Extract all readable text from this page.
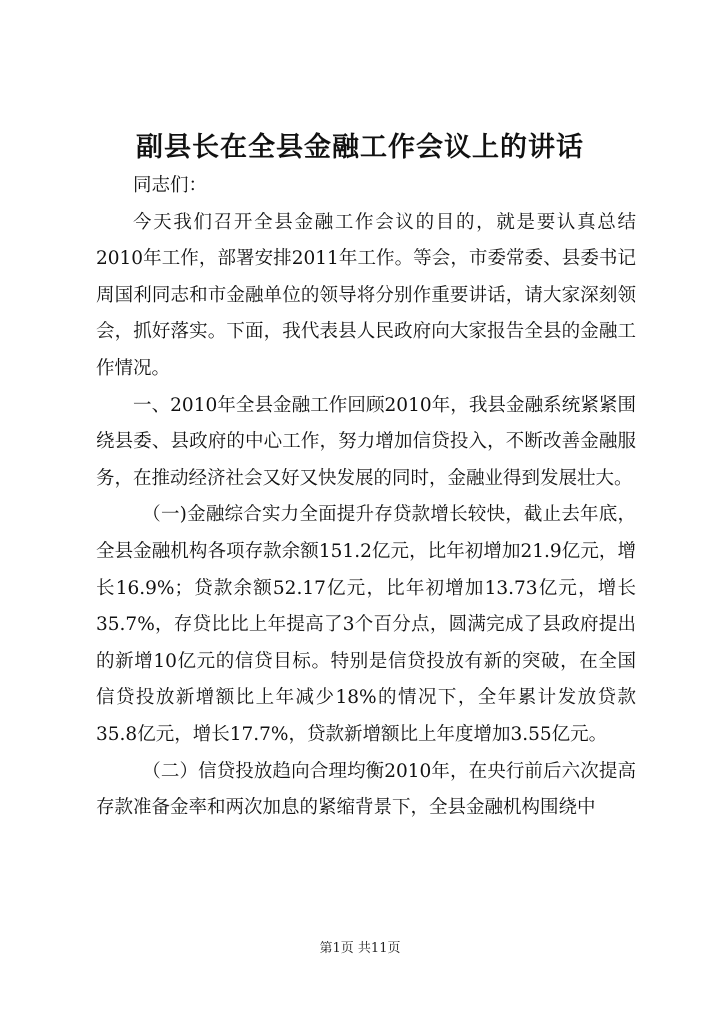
副县长在全县金融工作会议上的讲话

同志们：

今天我们召开全县金融工作会议的目的，就是要认真总结2010年工作，部署安排2011年工作。等会，市委常委、县委书记周国利同志和市金融单位的领导将分别作重要讲话，请大家深刻领会，抓好落实。下面，我代表县人民政府向大家报告全县的金融工作情况。

一、2010年全县金融工作回顾2010年，我县金融系统紧紧围绕县委、县政府的中心工作，努力增加信贷投入，不断改善金融服务，在推动经济社会又好又快发展的同时，金融业得到发展壮大。

（一)金融综合实力全面提升存贷款增长较快，截止去年底，全县金融机构各项存款余额151.2亿元，比年初增加21.9亿元，增长16.9%；贷款余额52.17亿元，比年初增加13.73亿元，增长35.7%，存贷比比上年提高了3个百分点，圆满完成了县政府提出的新增10亿元的信贷目标。特别是信贷投放有新的突破，在全国信贷投放新增额比上年减少18%的情况下，全年累计发放贷款35.8亿元，增长17.7%，贷款新增额比上年度增加3.55亿元。

（二）信贷投放趋向合理均衡2010年，在央行前后六次提高存款准备金率和两次加息的紧缩背景下，全县金融机构围绕中

第1页 共11页
